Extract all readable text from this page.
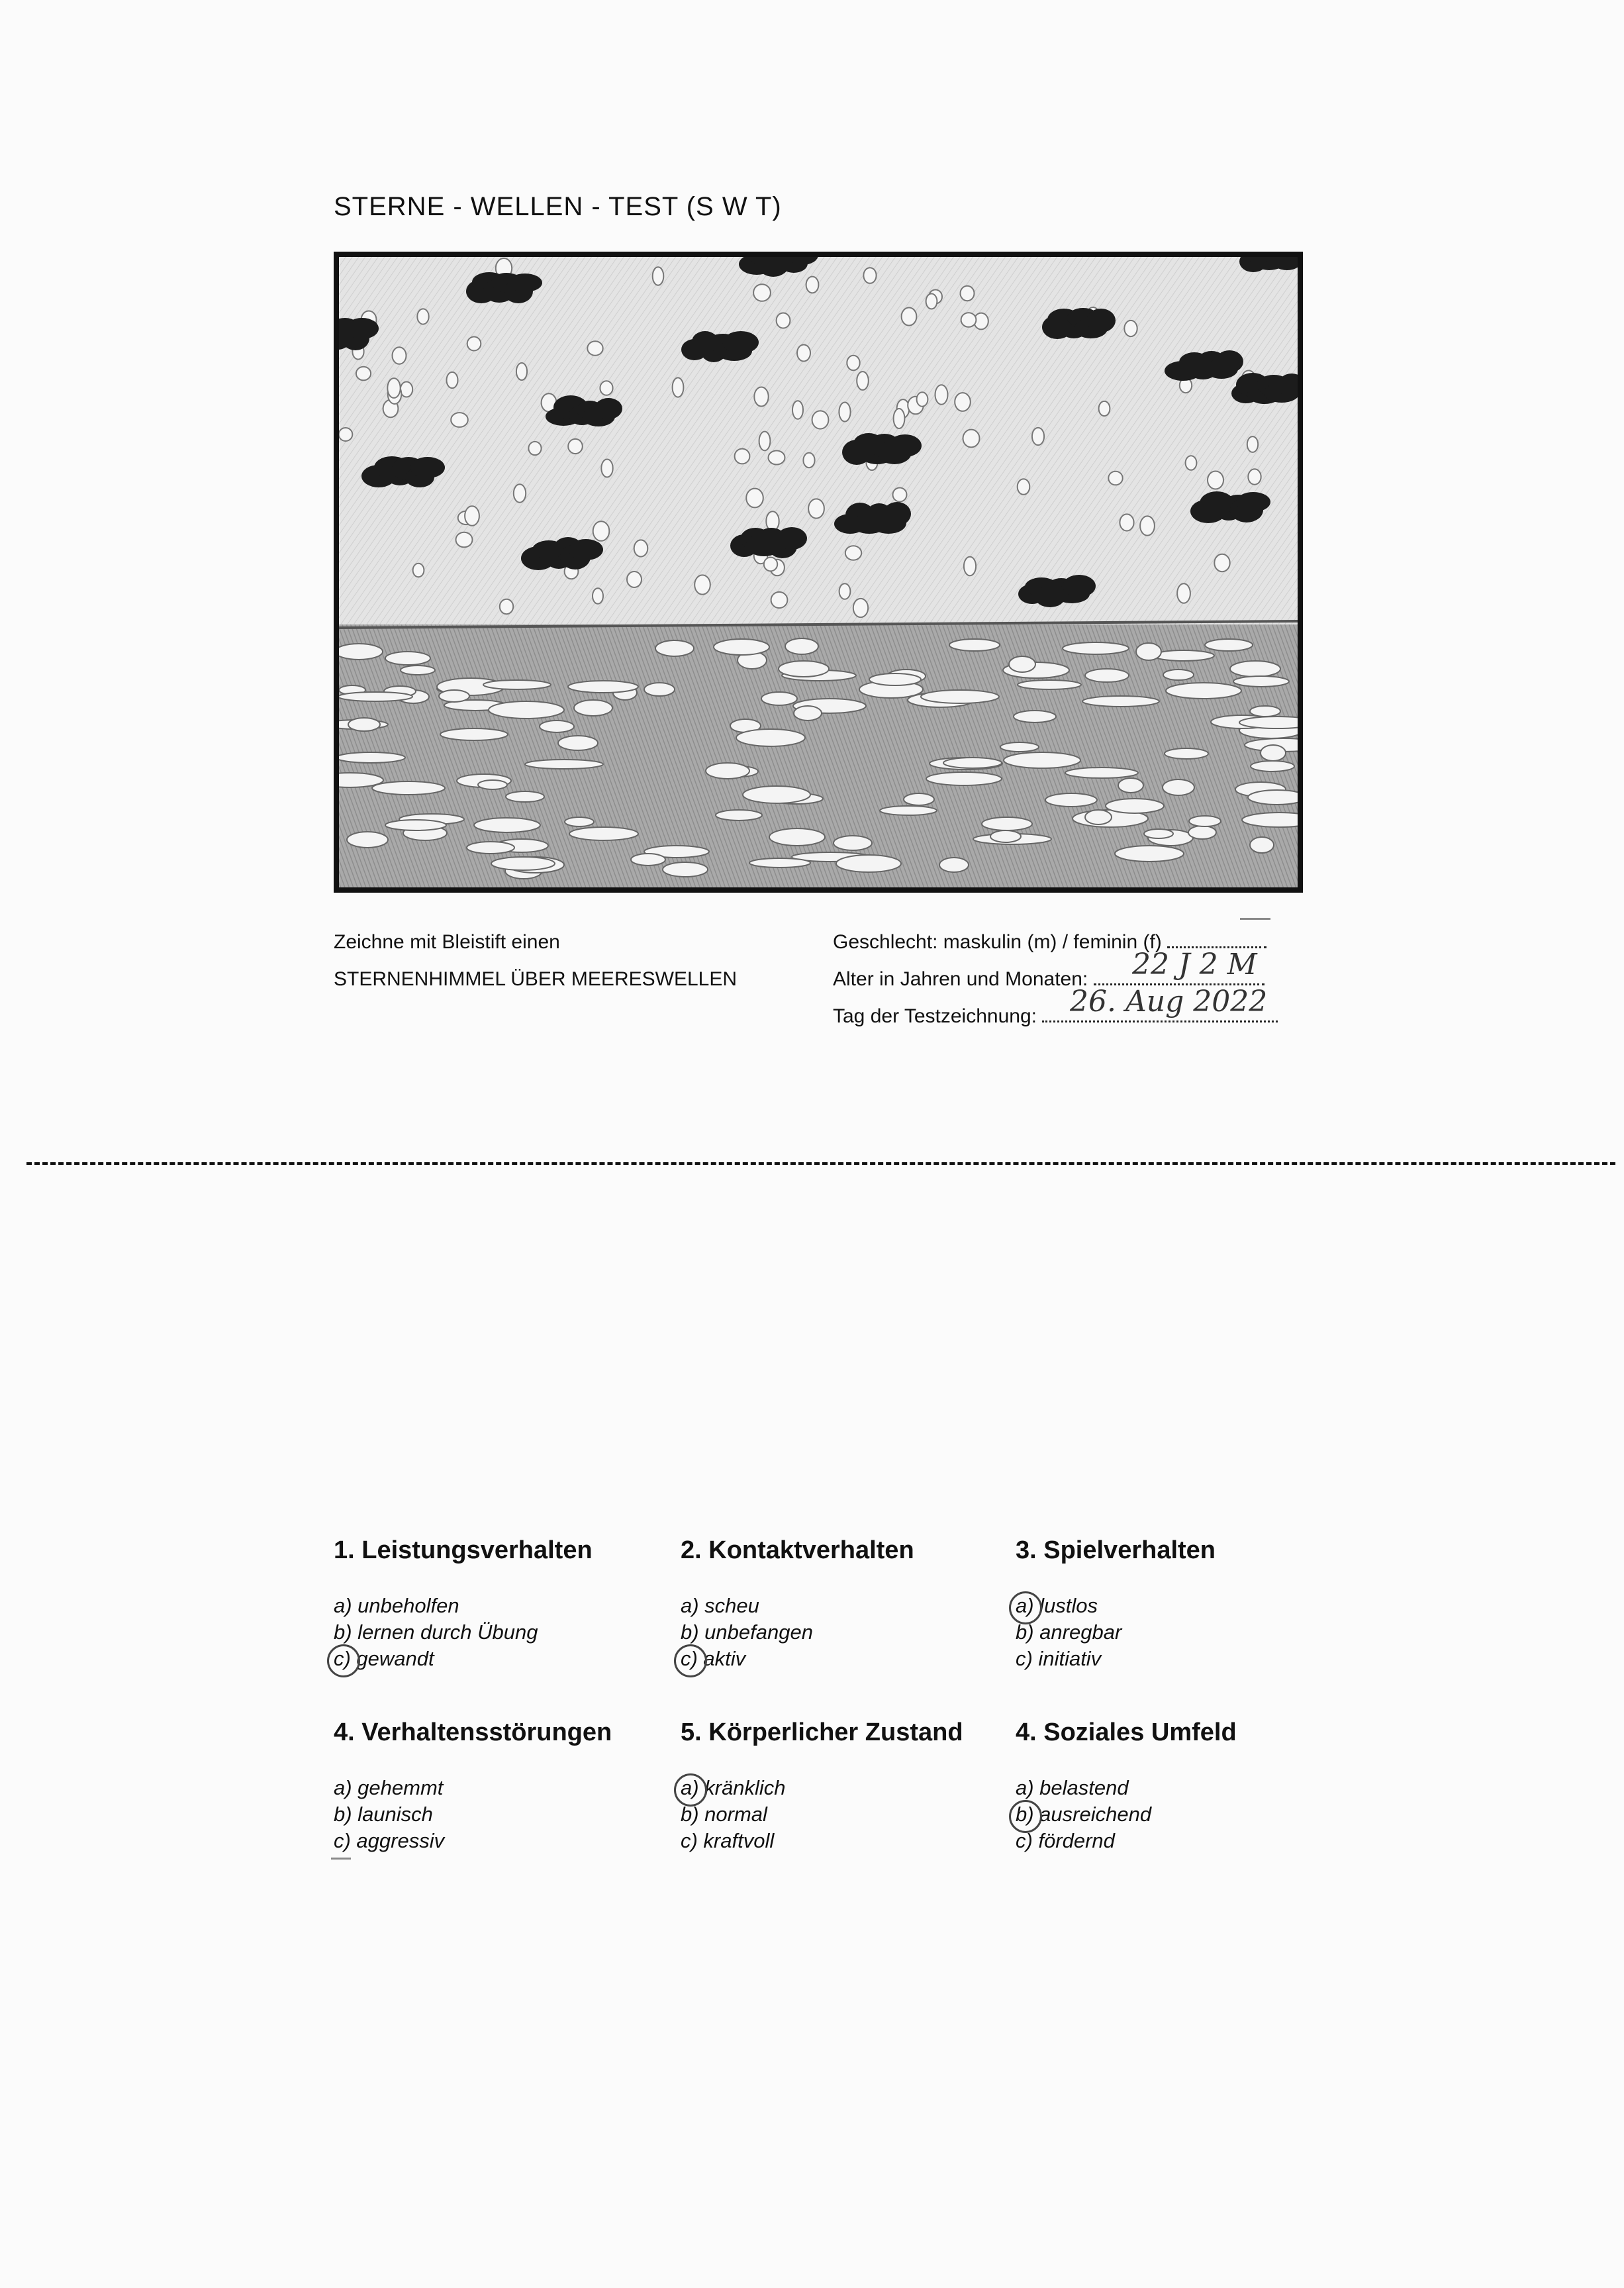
STERNE - WELLEN - TEST (S W T)
Zeichne mit Bleistift einen
STERNENHIMMEL ÜBER MEERESWELLEN
Geschlecht: maskulin (m) / feminin (f)
Alter in Jahren und Monaten: 22 J 2 M
Tag der Testzeichnung: 26. Aug 2022
1. Leistungsverhalten
a) unbeholfen
b) lernen durch Übung
c) gewandt
2. Kontaktverhalten
a) scheu
b) unbefangen
c) aktiv
3. Spielverhalten
a) lustlos
b) anregbar
c) initiativ
4. Verhaltensstörungen
a) gehemmt
b) launisch
c) aggressiv
5. Körperlicher Zustand
a) kränklich
b) normal
c) kraftvoll
4. Soziales Umfeld
a) belastend
b) ausreichend
c) fördernd
